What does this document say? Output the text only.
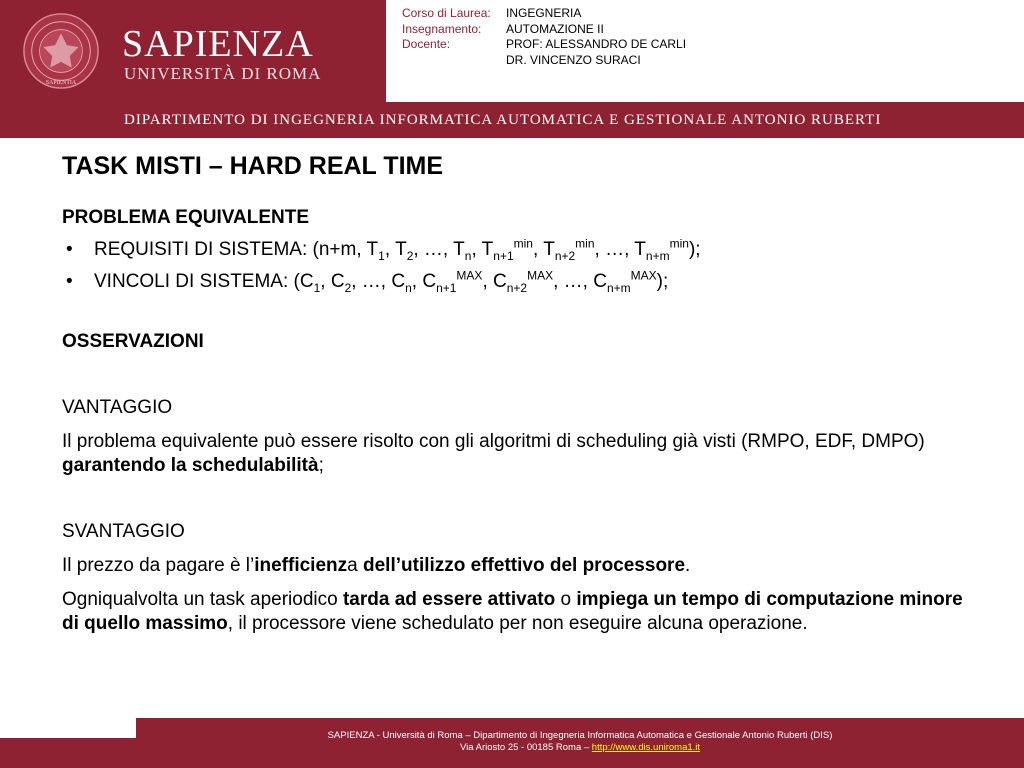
SAPIENTIA
SAPIENZA
UNIVERSITÀ DI ROMA
Corso di Laurea:	INGEGNERIA
Insegnamento:	AUTOMAZIONE II
Docente:	PROF: ALESSANDRO DE CARLI
DR. VINCENZO SURACI
DIPARTIMENTO DI INGEGNERIA INFORMATICA AUTOMATICA E GESTIONALE ANTONIO RUBERTI
TASK MISTI – HARD REAL TIME

PROBLEMA EQUIVALENTE

•	REQUISITI DI SISTEMA: (n+m, $T_1$, $T_2$, …, $T_n$, $T_{n+1}^{min}$, $T_{n+2}^{min}$, …, $T_{n+m}^{min}$);
•	VINCOLI DI SISTEMA: ($C_1$, $C_2$, …, $C_n$, $C_{n+1}^{MAX}$, $C_{n+2}^{MAX}$, …, $C_{n+m}^{MAX}$);

OSSERVAZIONI

VANTAGGIO

Il problema equivalente può essere risolto con gli algoritmi di scheduling già visti (RMPO, EDF, DMPO) garantendo la schedulabilità;

SVANTAGGIO

Il prezzo da pagare è l’inefficienza dell’utilizzo effettivo del processore.

Ogniqualvolta un task aperiodico tarda ad essere attivato o impiega un tempo di computazione minore di quello massimo, il processore viene schedulato per non eseguire alcuna operazione.

SAPIENZA - Università di Roma – Dipartimento di Ingegneria Informatica Automatica e Gestionale Antonio Ruberti (DIS)
Via Ariosto 25 - 00185 Roma – http://www.dis.uniroma1.it
